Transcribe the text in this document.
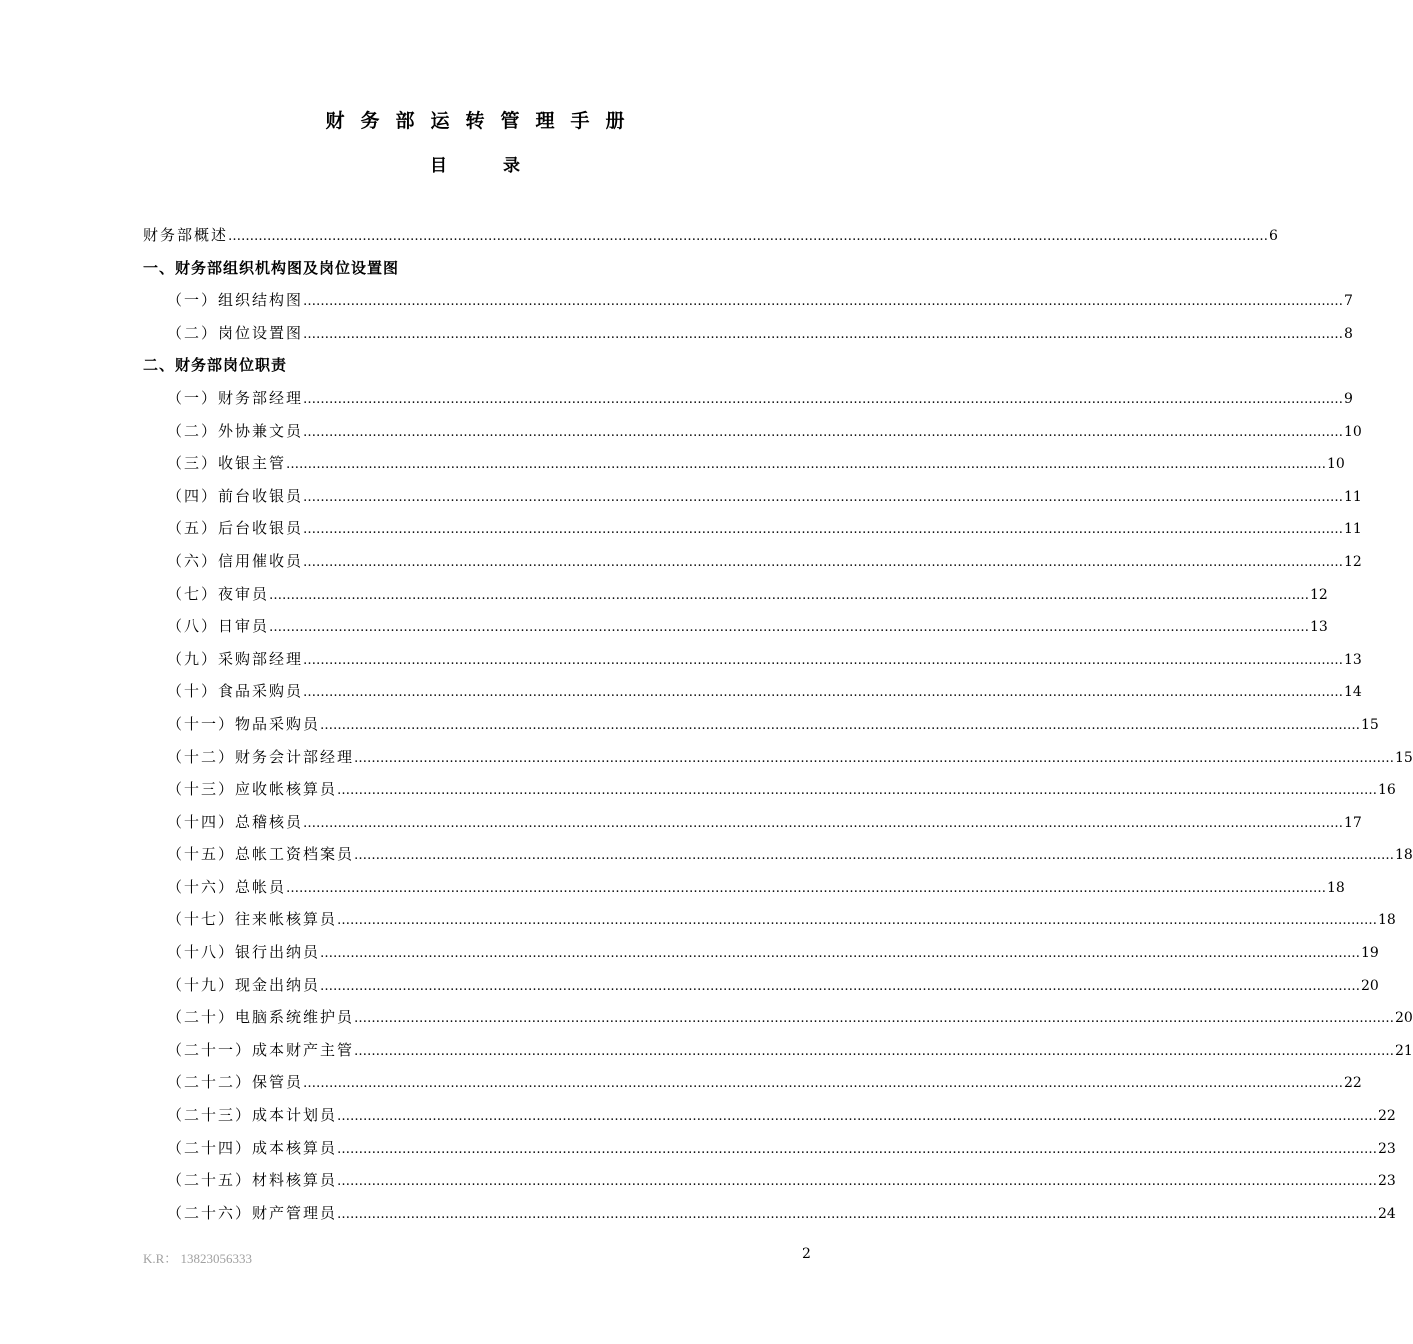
财务部运转管理手册
目 录
财务部概述 …………………………………………………………………………………………………………………………………………………………………………………………………………………… 6
一、财务部组织机构图及岗位设置图
（一）组织结构图 …………………………………………………………………………………………………………………………………………………………………………………………………………………… 7
（二）岗位设置图 …………………………………………………………………………………………………………………………………………………………………………………………………………………… 8
二、财务部岗位职责
（一）财务部经理 …………………………………………………………………………………………………………………………………………………………………………………………………………………… 9
（二）外协兼文员 …………………………………………………………………………………………………………………………………………………………………………………………………………………… 10
（三）收银主管 …………………………………………………………………………………………………………………………………………………………………………………………………………………… 10
（四）前台收银员 …………………………………………………………………………………………………………………………………………………………………………………………………………………… 11
（五）后台收银员 …………………………………………………………………………………………………………………………………………………………………………………………………………………… 11
（六）信用催收员 …………………………………………………………………………………………………………………………………………………………………………………………………………………… 12
（七）夜审员 …………………………………………………………………………………………………………………………………………………………………………………………………………………… 12
（八）日审员 …………………………………………………………………………………………………………………………………………………………………………………………………………………… 13
（九）采购部经理 …………………………………………………………………………………………………………………………………………………………………………………………………………………… 13
（十）食品采购员 …………………………………………………………………………………………………………………………………………………………………………………………………………………… 14
（十一）物品采购员 …………………………………………………………………………………………………………………………………………………………………………………………………………………… 15
（十二）财务会计部经理 …………………………………………………………………………………………………………………………………………………………………………………………………………………… 15
（十三）应收帐核算员 …………………………………………………………………………………………………………………………………………………………………………………………………………………… 16
（十四）总稽核员 …………………………………………………………………………………………………………………………………………………………………………………………………………………… 17
（十五）总帐工资档案员 …………………………………………………………………………………………………………………………………………………………………………………………………………………… 18
（十六）总帐员 …………………………………………………………………………………………………………………………………………………………………………………………………………………… 18
（十七）往来帐核算员 …………………………………………………………………………………………………………………………………………………………………………………………………………………… 18
（十八）银行出纳员 …………………………………………………………………………………………………………………………………………………………………………………………………………………… 19
（十九）现金出纳员 …………………………………………………………………………………………………………………………………………………………………………………………………………………… 20
（二十）电脑系统维护员 …………………………………………………………………………………………………………………………………………………………………………………………………………………… 20
（二十一）成本财产主管 …………………………………………………………………………………………………………………………………………………………………………………………………………………… 21
（二十二）保管员 …………………………………………………………………………………………………………………………………………………………………………………………………………………… 22
（二十三）成本计划员 …………………………………………………………………………………………………………………………………………………………………………………………………………………… 22
（二十四）成本核算员 …………………………………………………………………………………………………………………………………………………………………………………………………………………… 23
（二十五）材料核算员 …………………………………………………………………………………………………………………………………………………………………………………………………………………… 23
（二十六）财产管理员 …………………………………………………………………………………………………………………………………………………………………………………………………………………… 24
K.R： 13823056333	2
